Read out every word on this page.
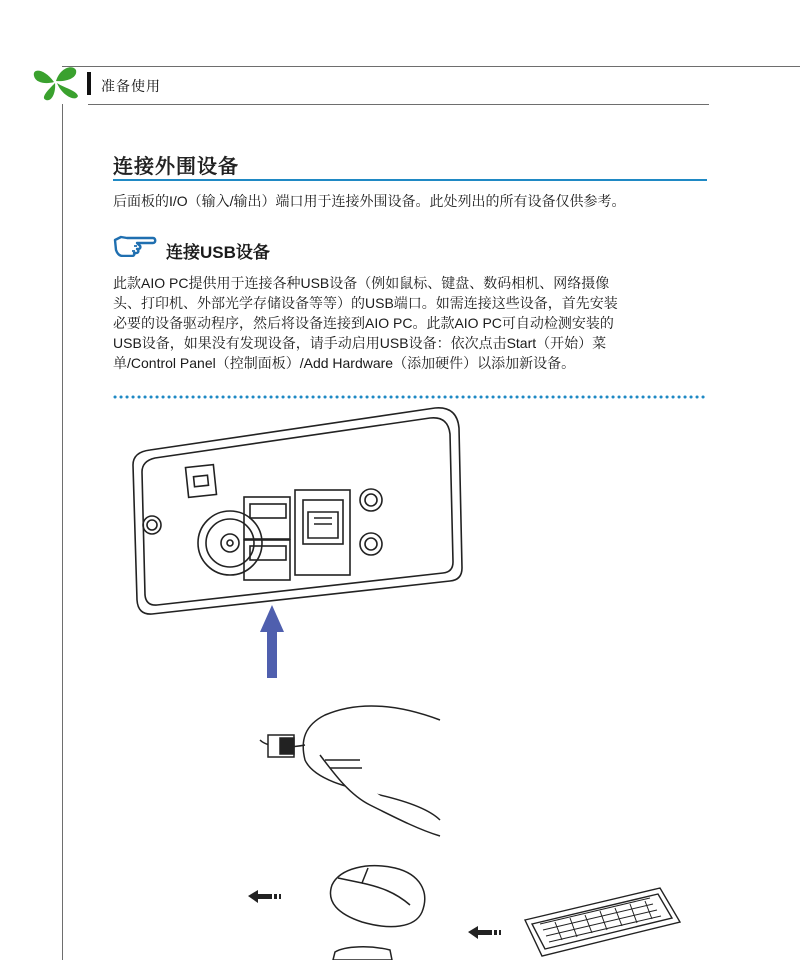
准备使用
连接外围设备
后面板的I/O（输入/输出）端口用于连接外围设备。此处列出的所有设备仅供参考。
连接USB设备
此款AIO PC提供用于连接各种USB设备（例如鼠标、键盘、数码相机、网络摄像
头、打印机、外部光学存储设备等等）的USB端口。如需连接这些设备，首先安装
必要的设备驱动程序，然后将设备连接到AIO PC。此款AIO PC可自动检测安装的
USB设备，如果没有发现设备，请手动启用USB设备：依次点击Start（开始）菜
单/Control Panel（控制面板）/Add Hardware（添加硬件）以添加新设备。
